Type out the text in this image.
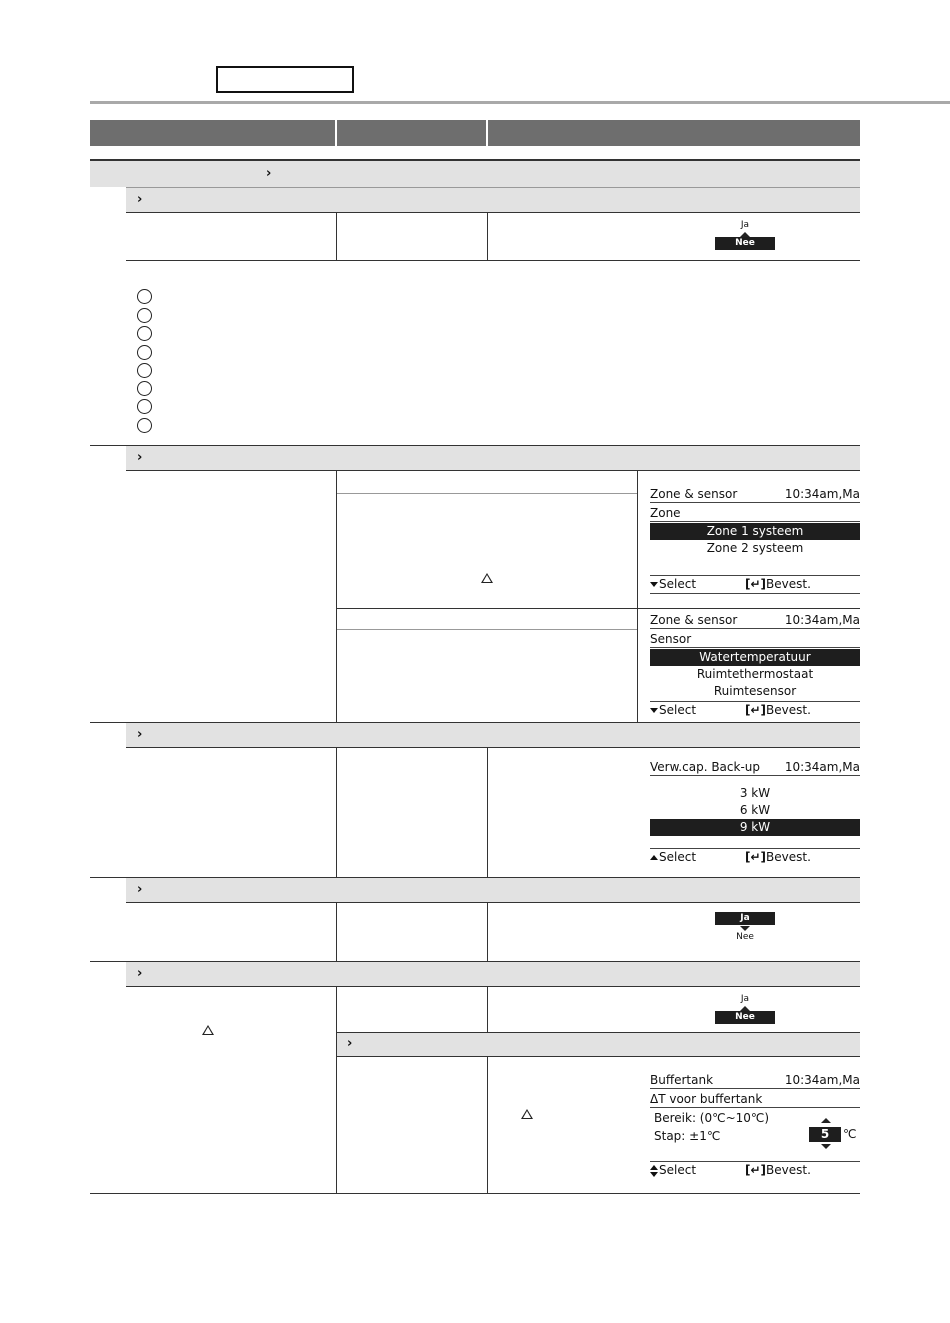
›
›
Ja
Nee
›
Zone & sensor	10:34am,Ma
Zone
Zone 1 systeem
Zone 2 systeem
Select	[↵]Bevest.
Zone & sensor	10:34am,Ma
Sensor
Watertemperatuur
Ruimtethermostaat
Ruimtesensor
Select	[↵]Bevest.
›
Verw.cap. Back-up 10:34am,Ma
3 kW
6 kW
9 kW
Select	[↵]Bevest.
›
Ja
Nee
›
Ja
Nee
›
Buffertank	10:34am,Ma
ΔT voor buffertank
Bereik: (0℃~10℃)
Stap: ±1℃	5	℃
Select	[↵]Bevest.
